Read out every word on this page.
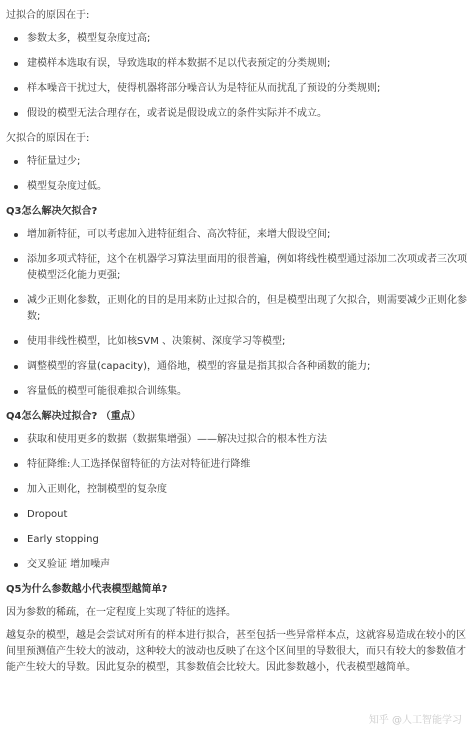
过拟合的原因在于:

参数太多，模型复杂度过高;
建模样本选取有误，导致选取的样本数据不足以代表预定的分类规则;
样本噪音干扰过大，使得机器将部分噪音认为是特征从而扰乱了预设的分类规则;
假设的模型无法合理存在，或者说是假设成立的条件实际并不成立。

欠拟合的原因在于:

特征量过少;
模型复杂度过低。

Q3怎么解决欠拟合?

增加新特征，可以考虑加入进特征组合、高次特征，来增大假设空间;
添加多项式特征，这个在机器学习算法里面用的很普遍，例如将线性模型通过添加二次项或者三次项使模型泛化能力更强;
减少正则化参数，正则化的目的是用来防止过拟合的，但是模型出现了欠拟合，则需要减少正则化参数;
使用非线性模型，比如核SVM 、决策树、深度学习等模型;
调整模型的容量(capacity)，通俗地，模型的容量是指其拟合各种函数的能力;
容量低的模型可能很难拟合训练集。

Q4怎么解决过拟合? （重点）

获取和使用更多的数据（数据集增强）——解决过拟合的根本性方法
特征降维:人工选择保留特征的方法对特征进行降维
加入正则化，控制模型的复杂度
Dropout
Early stopping
交叉验证 增加噪声

Q5为什么参数越小代表模型越简单?

因为参数的稀疏，在一定程度上实现了特征的选择。

越复杂的模型，越是会尝试对所有的样本进行拟合，甚至包括一些异常样本点，这就容易造成在较小的区间里预测值产生较大的波动，这种较大的波动也反映了在这个区间里的导数很大，而只有较大的参数值才能产生较大的导数。因此复杂的模型，其参数值会比较大。因此参数越小，代表模型越简单。

知乎 @人工智能学习
